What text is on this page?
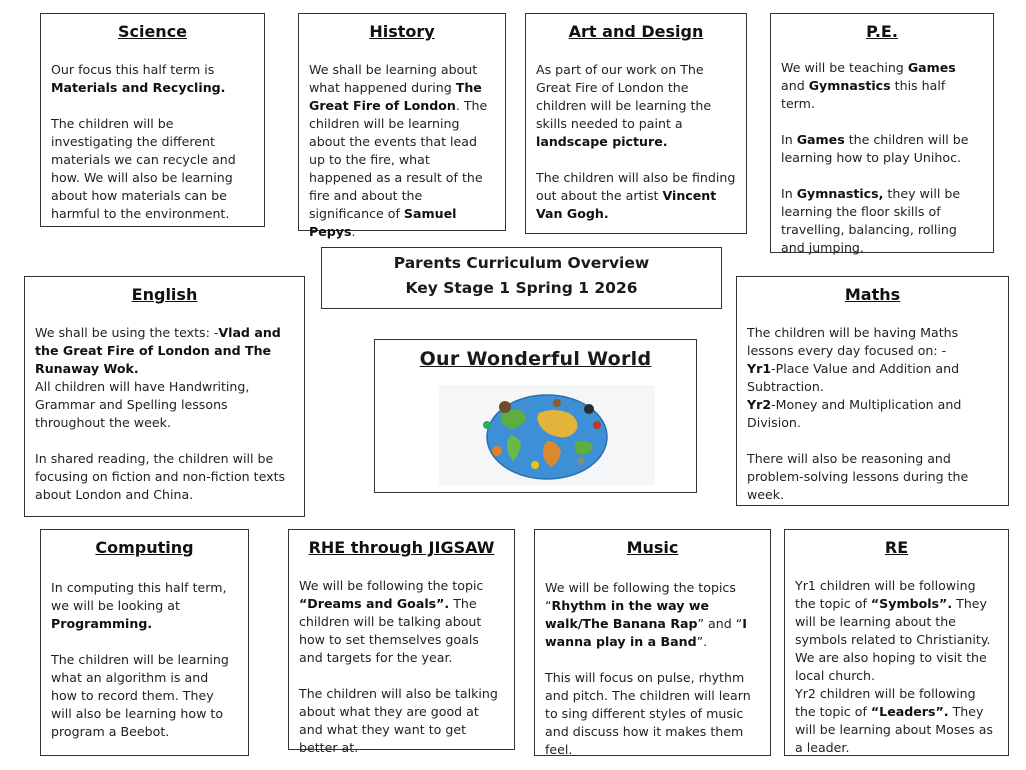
Science

Our focus this half term is Materials and Recycling.

The children will be investigating the different materials we can recycle and how. We will also be learning about how materials can be harmful to the environment.

History

We shall be learning about what happened during The Great Fire of London. The children will be learning about the events that lead up to the fire, what happened as a result of the fire and about the significance of Samuel Pepys.

Art and Design

As part of our work on The Great Fire of London the children will be learning the skills needed to paint a landscape picture.

The children will also be finding out about the artist Vincent Van Gogh.

P.E.

We will be teaching Games and Gymnastics this half term.

In Games the children will be learning how to play Unihoc.

In Gymnastics, they will be learning the floor skills of travelling, balancing, rolling and jumping.

Parents Curriculum Overview
Key Stage 1 Spring 1 2026
Our Wonderful World
English

We shall be using the texts: -Vlad and the Great Fire of London and The Runaway Wok.
All children will have Handwriting, Grammar and Spelling lessons throughout the week.

In shared reading, the children will be focusing on fiction and non-fiction texts about London and China.

Maths

The children will be having Maths lessons every day focused on: -
Yr1-Place Value and Addition and Subtraction.
Yr2-Money and Multiplication and Division.

There will also be reasoning and problem-solving lessons during the week.

Computing

In computing this half term, we will be looking at Programming.

The children will be learning what an algorithm is and how to record them. They will also be learning how to program a Beebot.

RHE through JIGSAW

We will be following the topic “Dreams and Goals”. The children will be talking about how to set themselves goals and targets for the year.

The children will also be talking about what they are good at and what they want to get better at.

Music

We will be following the topics “Rhythm in the way we walk/The Banana Rap” and “I wanna play in a Band”.

This will focus on pulse, rhythm and pitch. The children will learn to sing different styles of music and discuss how it makes them feel.

RE

Yr1 children will be following the topic of “Symbols”. They will be learning about the symbols related to Christianity. We are also hoping to visit the local church.

Yr2 children will be following the topic of “Leaders”. They will be learning about Moses as a leader.
